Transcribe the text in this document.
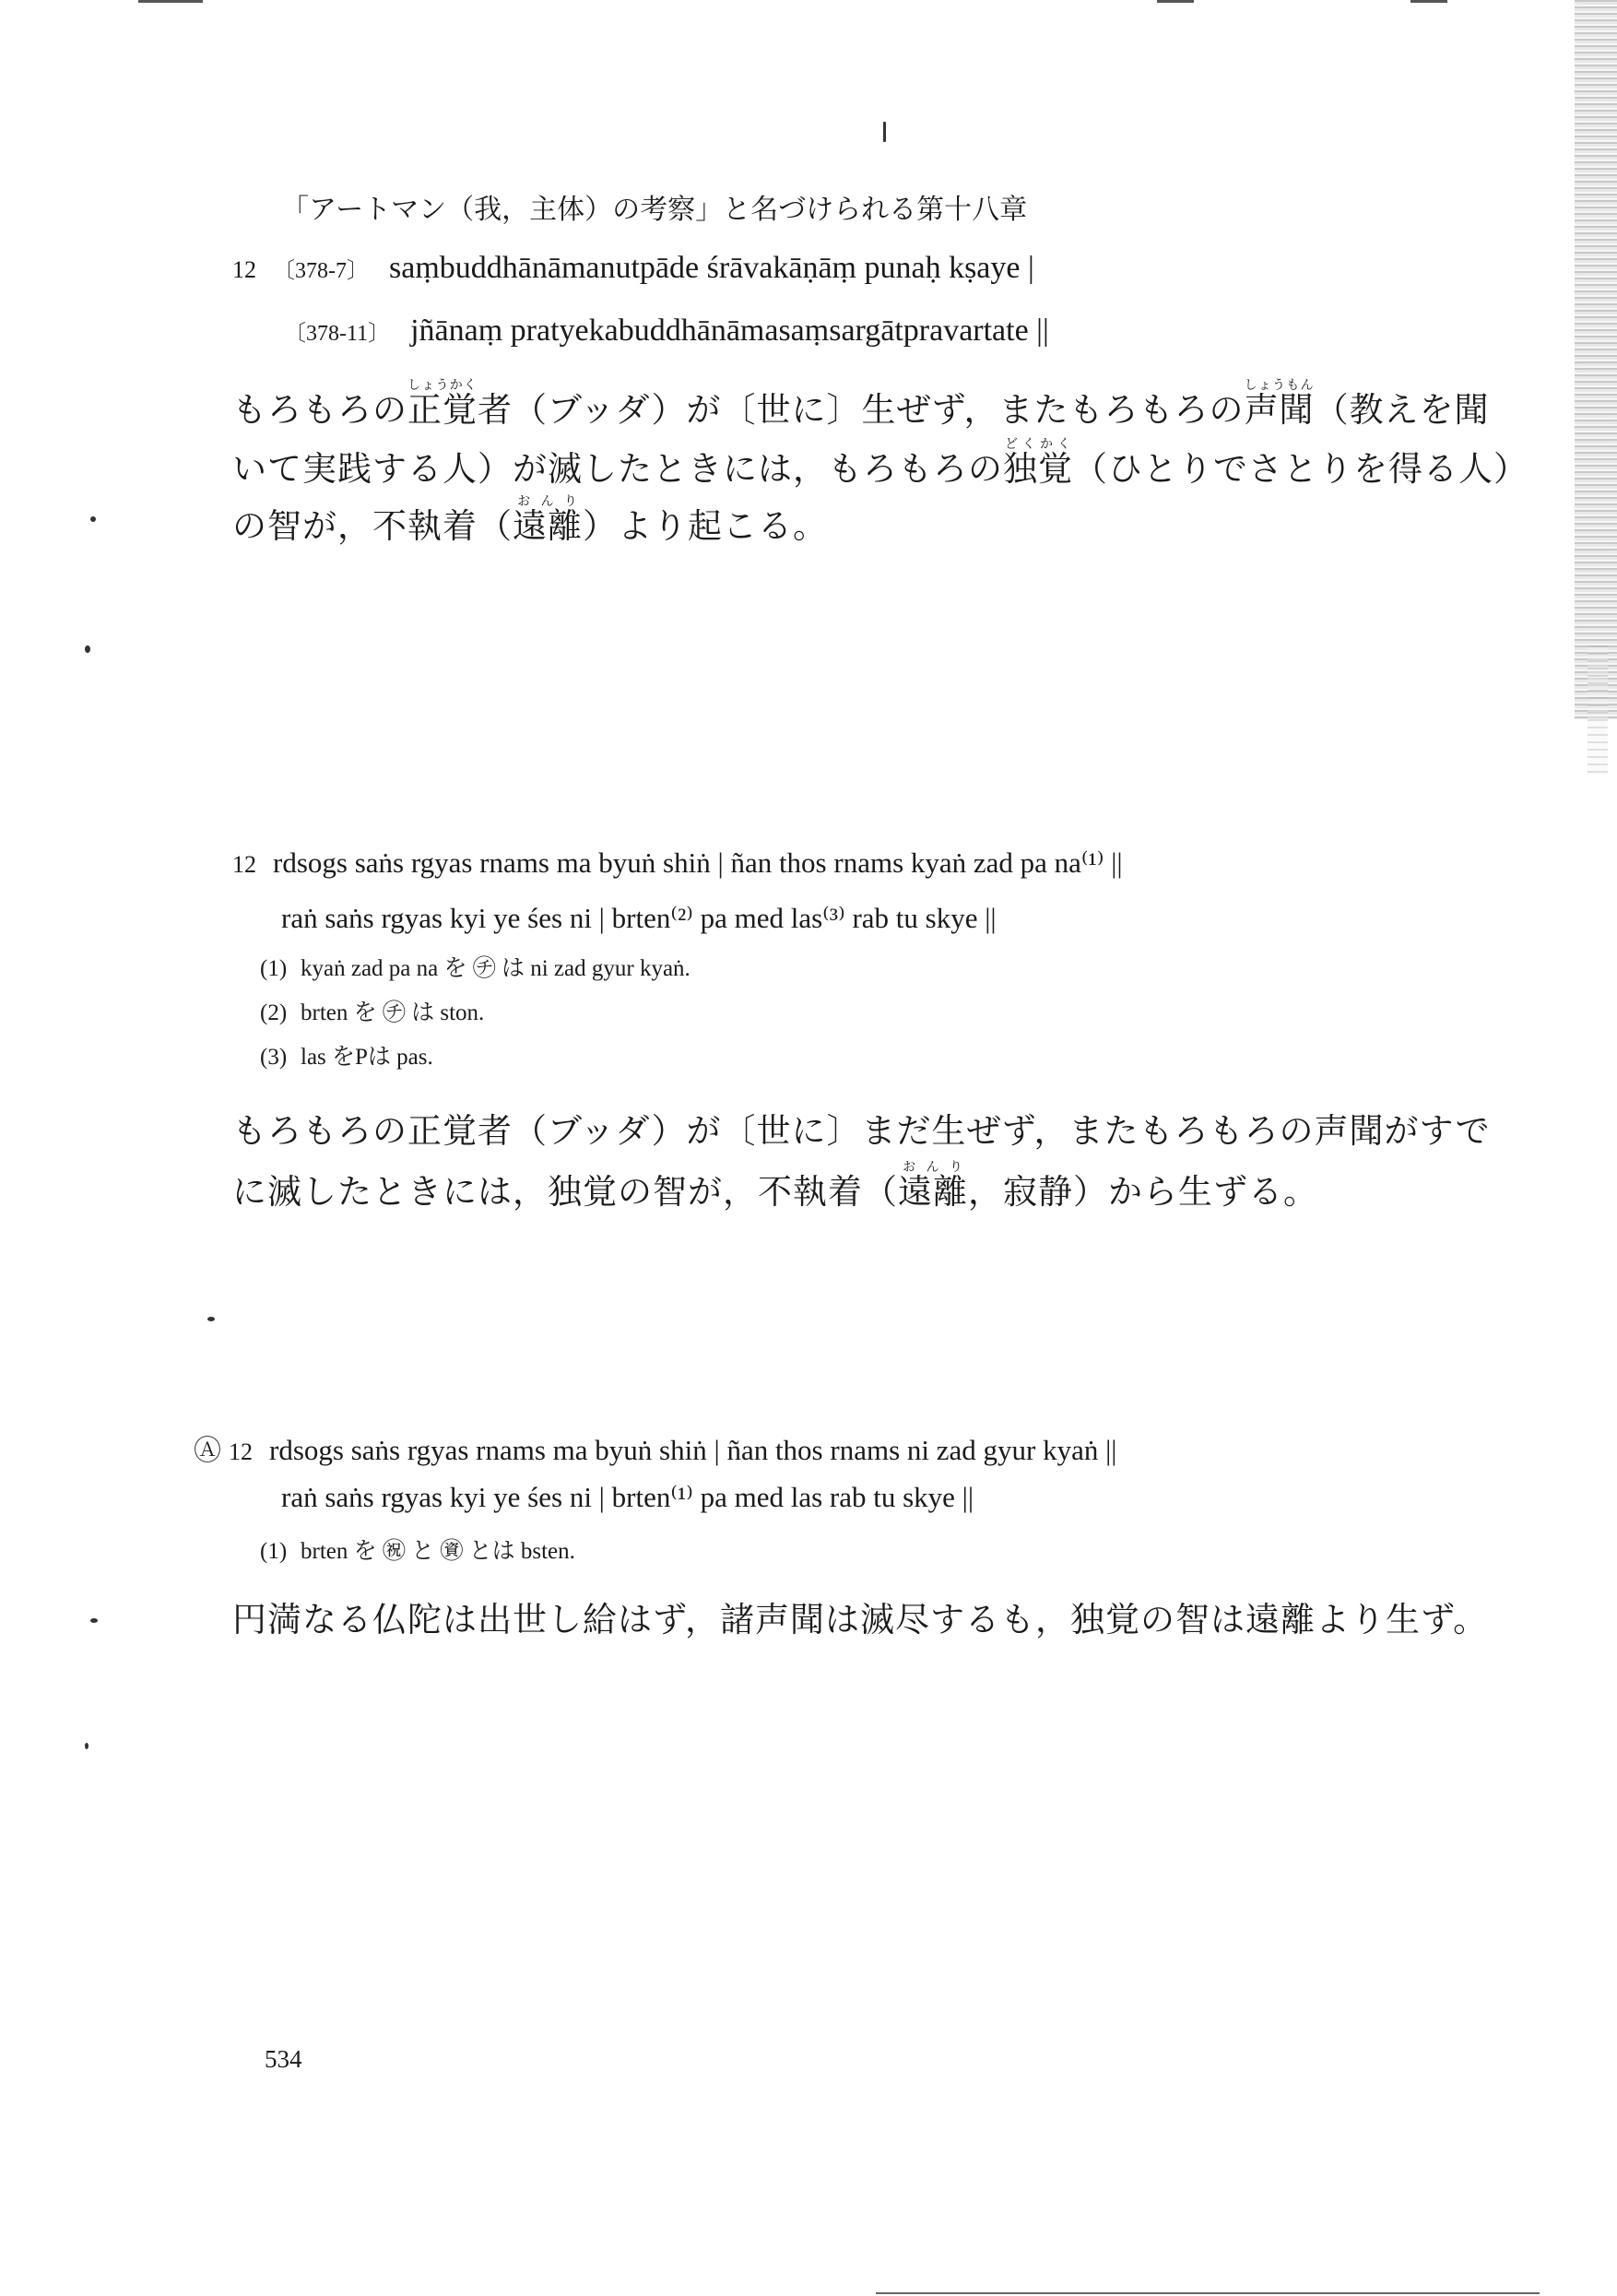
「アートマン（我，主体）の考察」と名づけられる第十八章
12 〔378-7〕 saṃbuddhānāmanutpāde śrāvakāṇāṃ punaḥ kṣaye |
〔378-11〕 jñānaṃ pratyekabuddhānāmasaṃsargātpravartate ||
もろもろの正覚しょうかく者（ブッダ）が〔世に〕生ぜず，またもろもろの声聞しょうもん（教えを聞
いて実践する人）が滅したときには，もろもろの独覚どくかく（ひとりでさとりを得る人）
の智が，不執着（遠離おんり）より起こる。
12 rdsogs saṅs rgyas rnams ma byuṅ shiṅ | ñan thos rnams kyaṅ zad pa na⁽¹⁾ ||
raṅ saṅs rgyas kyi ye śes ni | brten⁽²⁾ pa med las⁽³⁾ rab tu skye ||
(1) kyaṅ zad pa na を ㋠ は ni zad gyur kyaṅ.
(2) brten を ㋠ は ston.
(3) las をPは pas.
もろもろの正覚者（ブッダ）が〔世に〕まだ生ぜず，またもろもろの声聞がすで
に滅したときには，独覚の智が，不執着（遠離おんり，寂静）から生ずる。
Ⓐ 12 rdsogs saṅs rgyas rnams ma byuṅ shiṅ | ñan thos rnams ni zad gyur kyaṅ ||
raṅ saṅs rgyas kyi ye śes ni | brten⁽¹⁾ pa med las rab tu skye ||
(1) brten を ㊗ と ㊮ とは bsten.
円満なる仏陀は出世し給はず，諸声聞は滅尽するも，独覚の智は遠離より生ず。
534
